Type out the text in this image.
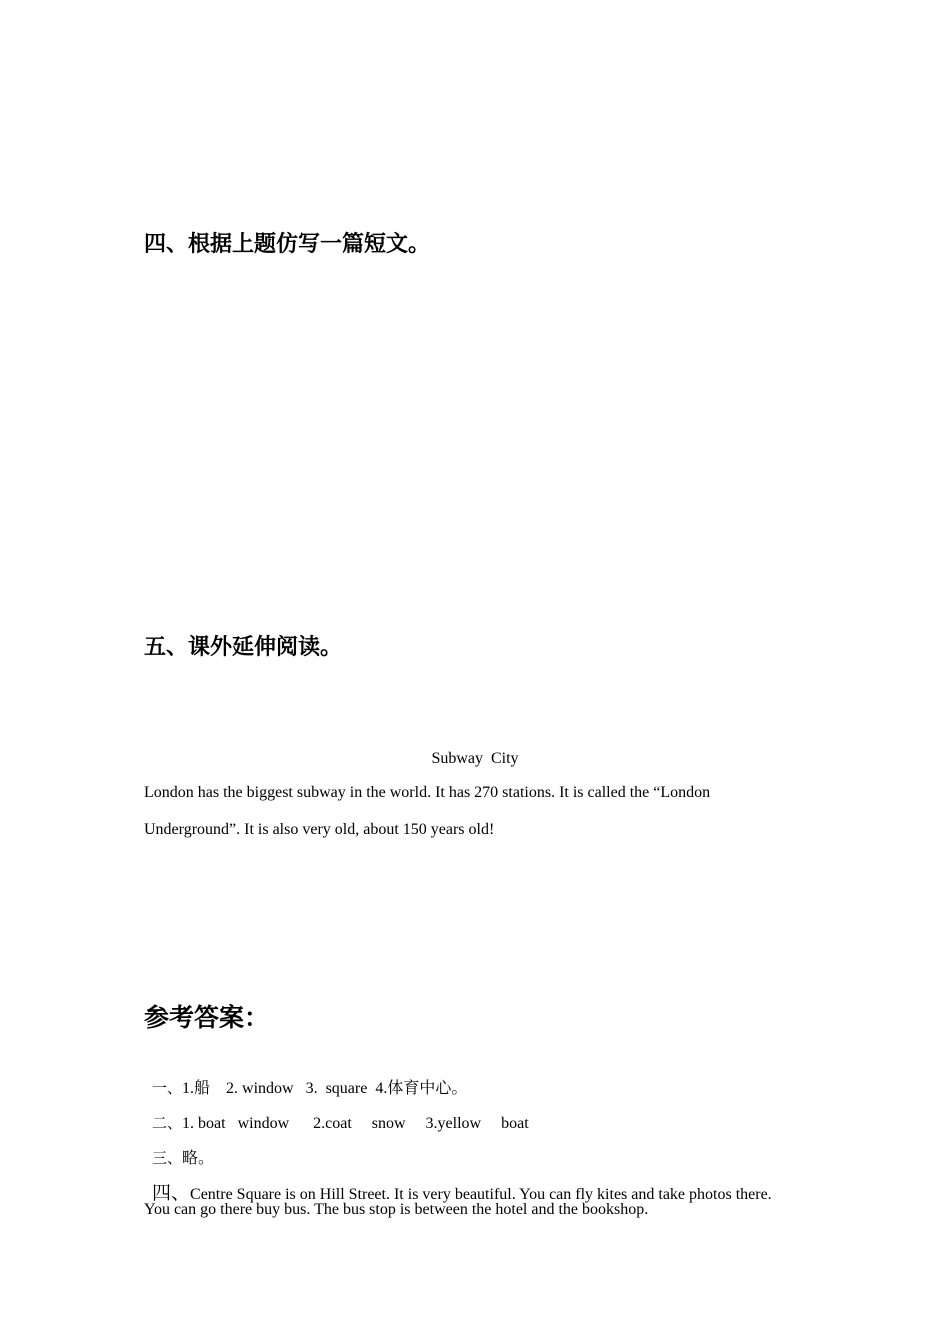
四、根据上题仿写一篇短文。
五、课外延伸阅读。
Subway  City
London has the biggest subway in the world. It has 270 stations. It is called the “London
Underground”. It is also very old, about 150 years old!
参考答案：

一、1.船    2. window   3.  square  4.体育中心。

二、1. boat   window      2.coat     snow     3.yellow     boat

三、略。

四、Centre Square is on Hill Street. It is very beautiful. You can fly kites and take photos there.

You can go there buy bus. The bus stop is between the hotel and the bookshop.
